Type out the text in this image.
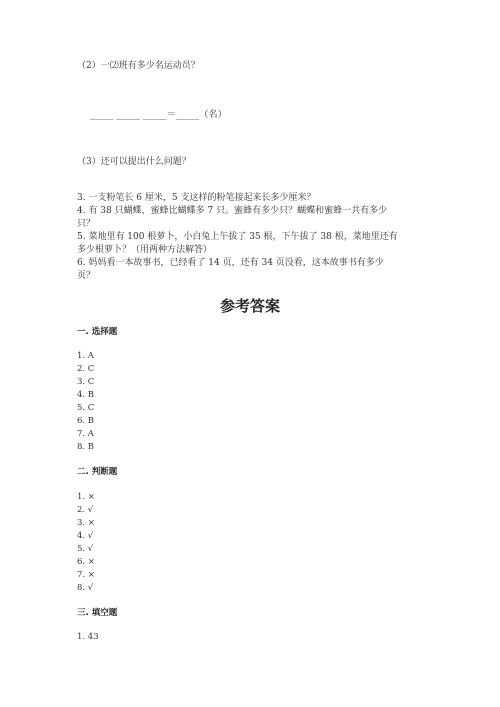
（2）一⑵班有多少名运动员？
_____ _____ _____＝_____（名）
（3）还可以提出什么问题？
3. 一支粉笔长 6 厘米，5 支这样的粉笔接起来长多少厘米？
4. 有 38 只蝴蝶，蜜蜂比蝴蝶多 7 只。蜜蜂有多少只？蝴蝶和蜜蜂一共有多少
只？
5. 菜地里有 100 根萝卜，小白兔上午拔了 35 根，下午拔了 38 根，菜地里还有
多少根萝卜？（用两种方法解答）
6. 妈妈看一本故事书，已经看了 14 页，还有 34 页没看，这本故事书有多少
页？
参考答案
一. 选择题
1. A
2. C
3. C
4. B
5. C
6. B
7. A
8. B
二. 判断题
1. ×
2. √
3. ×
4. √
5. √
6. ×
7. ×
8. √
三. 填空题
1. 43
